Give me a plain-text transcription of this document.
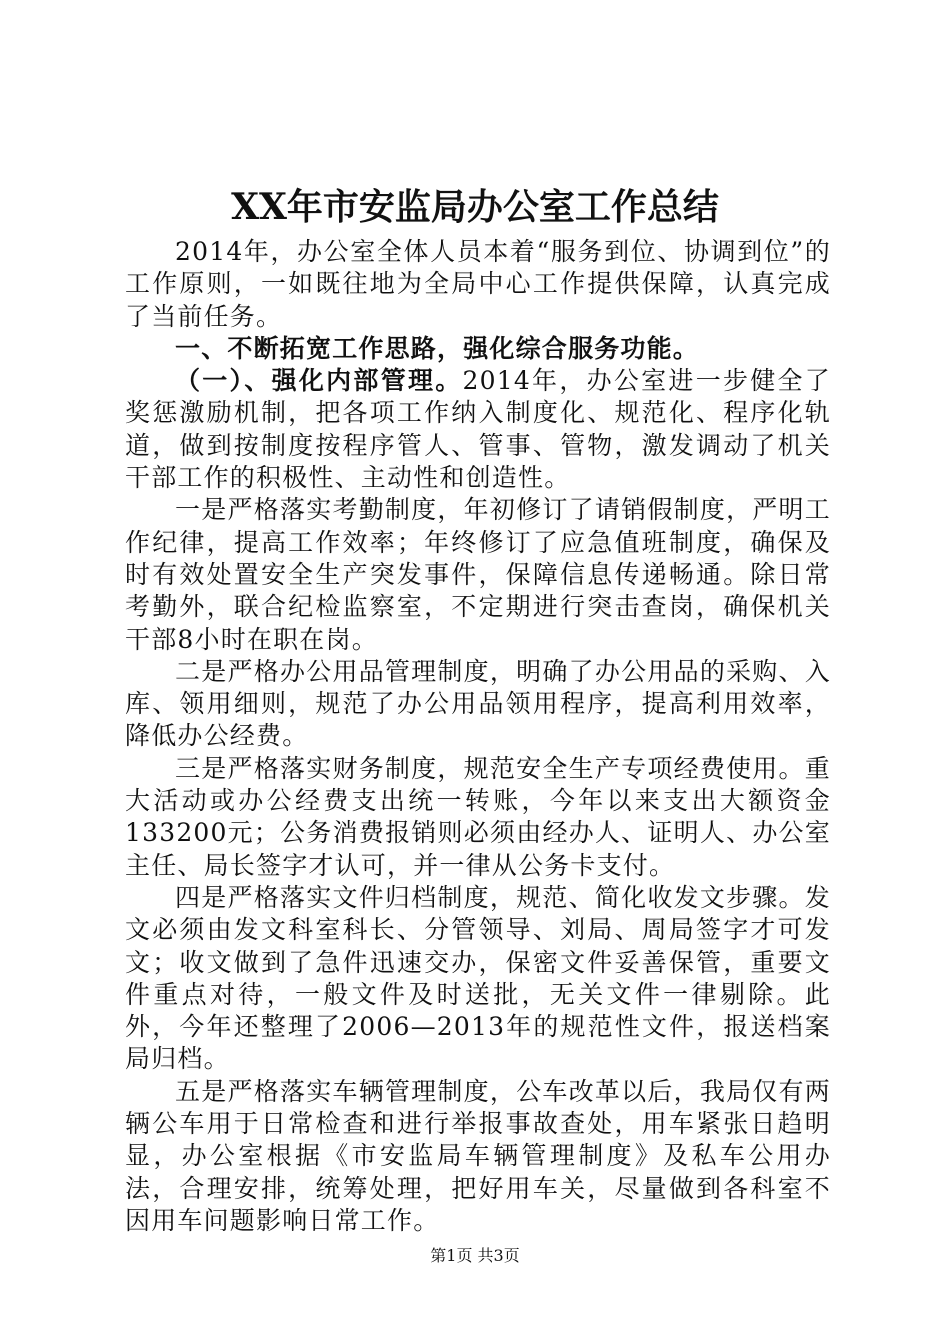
XX年市安监局办公室工作总结

2014年，办公室全体人员本着“服务到位、协调到位”的工作原则，一如既往地为全局中心工作提供保障，认真完成了当前任务。

一、不断拓宽工作思路，强化综合服务功能。

（一）、强化内部管理。2014年，办公室进一步健全了奖惩激励机制，把各项工作纳入制度化、规范化、程序化轨道，做到按制度按程序管人、管事、管物，激发调动了机关干部工作的积极性、主动性和创造性。

一是严格落实考勤制度，年初修订了请销假制度，严明工作纪律，提高工作效率；年终修订了应急值班制度，确保及时有效处置安全生产突发事件，保障信息传递畅通。除日常考勤外，联合纪检监察室，不定期进行突击查岗，确保机关干部8小时在职在岗。

二是严格办公用品管理制度，明确了办公用品的采购、入库、领用细则，规范了办公用品领用程序，提高利用效率，降低办公经费。

三是严格落实财务制度，规范安全生产专项经费使用。重大活动或办公经费支出统一转账，今年以来支出大额资金133200元；公务消费报销则必须由经办人、证明人、办公室主任、局长签字才认可，并一律从公务卡支付。

四是严格落实文件归档制度，规范、简化收发文步骤。发文必须由发文科室科长、分管领导、刘局、周局签字才可发文；收文做到了急件迅速交办，保密文件妥善保管，重要文件重点对待，一般文件及时送批，无关文件一律剔除。此外，今年还整理了2006—2013年的规范性文件，报送档案局归档。

五是严格落实车辆管理制度，公车改革以后，我局仅有两辆公车用于日常检查和进行举报事故查处，用车紧张日趋明显，办公室根据《市安监局车辆管理制度》及私车公用办法，合理安排，统筹处理，把好用车关，尽量做到各科室不因用车问题影响日常工作。

第1页 共3页
